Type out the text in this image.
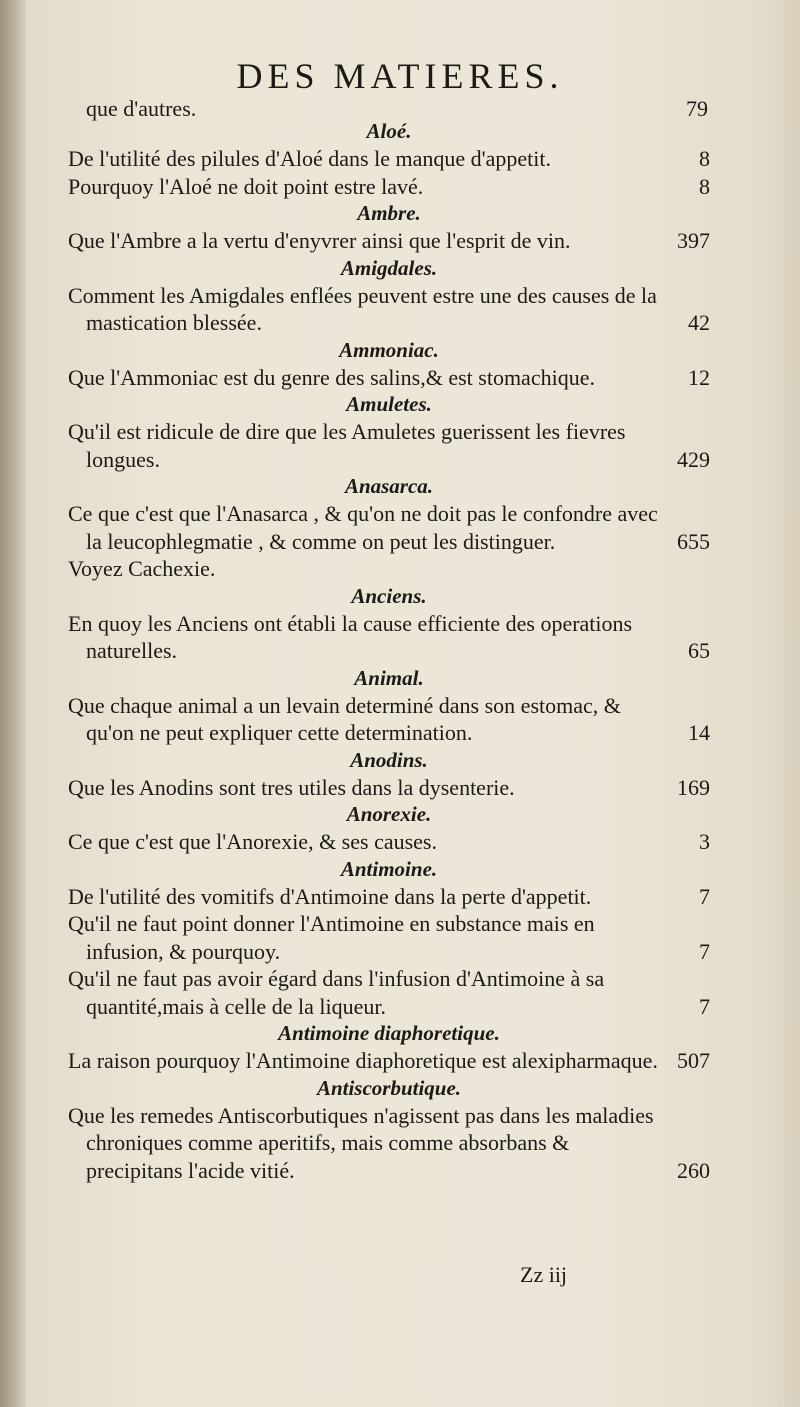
DES MATIERES.
que d'autres.	79
Aloé.
De l'utilité des pilules d'Aloé dans le manque d'appetit.	8
Pourquoy l'Aloé ne doit point estre lavé.	8
Ambre.
Que l'Ambre a la vertu d'enyvrer ainsi que l'esprit de vin.	397
Amigdales.
Comment les Amigdales enflées peuvent estre une des causes de la mastication blessée.	42
Ammoniac.
Que l'Ammoniac est du genre des salins,& est stomachique.	12
Amuletes.
Qu'il est ridicule de dire que les Amuletes guerissent les fievres longues.	429
Anasarca.
Ce que c'est que l'Anasarca , & qu'on ne doit pas le confondre avec la leucophlegmatie , & comme on peut les distinguer.	655
Voyez Cachexie.
Anciens.
En quoy les Anciens ont établi la cause efficiente des operations naturelles.	65
Animal.
Que chaque animal a un levain determiné dans son estomac, & qu'on ne peut expliquer cette determination.	14
Anodins.
Que les Anodins sont tres utiles dans la dysenterie.	169
Anorexie.
Ce que c'est que l'Anorexie, & ses causes.	3
Antimoine.
De l'utilité des vomitifs d'Antimoine dans la perte d'appetit.	7
Qu'il ne faut point donner l'Antimoine en substance mais en infusion, & pourquoy.	7
Qu'il ne faut pas avoir égard dans l'infusion d'Antimoine à sa quantité,mais à celle de la liqueur.	7
Antimoine diaphoretique.
La raison pourquoy l'Antimoine diaphoretique est alexipharmaque. 507
Antiscorbutique.
Que les remedes Antiscorbutiques n'agissent pas dans les maladies chroniques comme aperitifs, mais comme absorbans & precipitans l'acide vitié.	260
Zz iij
